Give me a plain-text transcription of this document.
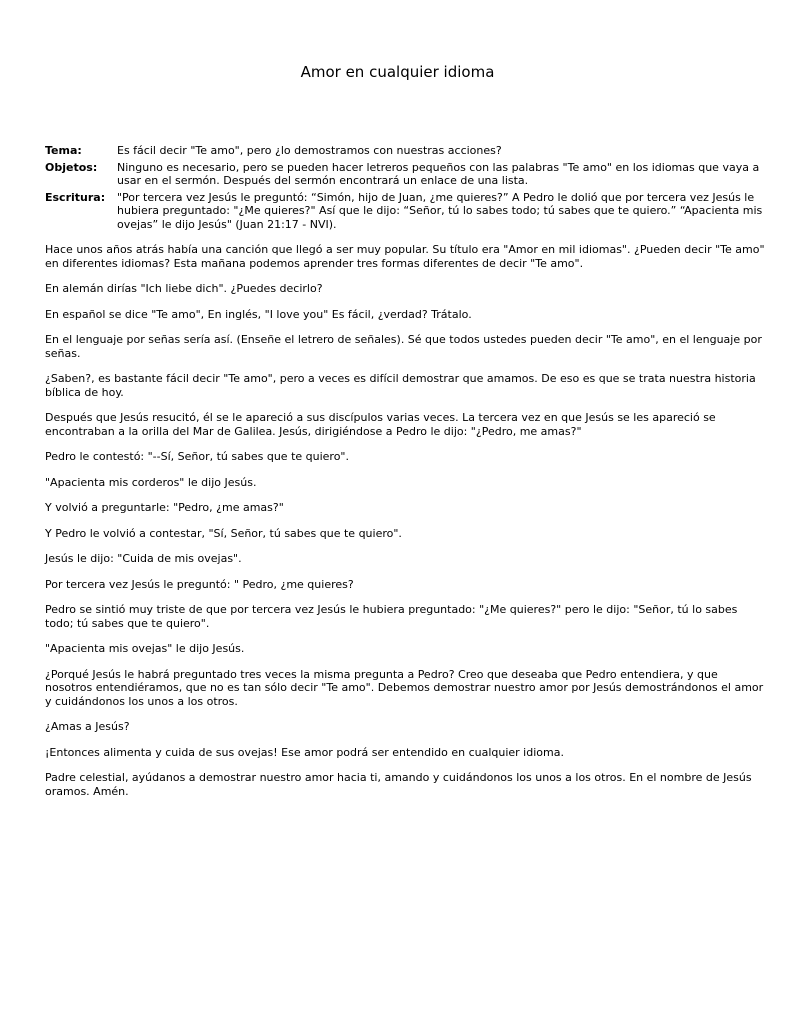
Amor en cualquier idioma
Tema:	Es fácil decir "Te amo", pero ¿lo demostramos con nuestras acciones?
Objetos:	Ninguno es necesario, pero se pueden hacer letreros pequeños con las palabras "Te amo" en los idiomas que vaya a usar en el sermón. Después del sermón encontrará un enlace de una lista.
Escritura:	"Por tercera vez Jesús le preguntó: “Simón, hijo de Juan, ¿me quieres?” A Pedro le dolió que por tercera vez Jesús le hubiera preguntado: "¿Me quieres?" Así que le dijo: “Señor, tú lo sabes todo; tú sabes que te quiero.” “Apacienta mis ovejas” le dijo Jesús" (Juan 21:17 - NVI).

Hace unos años atrás había una canción que llegó a ser muy popular. Su título era "Amor en mil idiomas". ¿Pueden decir "Te amo" en diferentes idiomas? Esta mañana podemos aprender tres formas diferentes de decir "Te amo".

En alemán dirías "Ich liebe dich". ¿Puedes decirlo?

En español se dice "Te amo", En inglés, "I love you" Es fácil, ¿verdad? Trátalo.

En el lenguaje por señas sería así. (Enseñe el letrero de señales). Sé que todos ustedes pueden decir "Te amo", en el lenguaje por señas.

¿Saben?, es bastante fácil decir "Te amo", pero a veces es difícil demostrar que amamos. De eso es que se trata nuestra historia bíblica de hoy.

Después que Jesús resucitó, él se le apareció a sus discípulos varias veces. La tercera vez en que Jesús se les apareció se encontraban a la orilla del Mar de Galilea. Jesús, dirigiéndose a Pedro le dijo: "¿Pedro, me amas?"

Pedro le contestó: "--Sí, Señor, tú sabes que te quiero".

"Apacienta mis corderos" le dijo Jesús.

Y volvió a preguntarle: "Pedro, ¿me amas?"

Y Pedro le volvió a contestar, "Sí, Señor, tú sabes que te quiero".

Jesús le dijo: "Cuida de mis ovejas".

Por tercera vez Jesús le preguntó: " Pedro, ¿me quieres?

Pedro se sintió muy triste de que por tercera vez Jesús le hubiera preguntado: "¿Me quieres?" pero le dijo: "Señor, tú lo sabes todo; tú sabes que te quiero".

"Apacienta mis ovejas" le dijo Jesús.

¿Porqué Jesús le habrá preguntado tres veces la misma pregunta a Pedro? Creo que deseaba que Pedro entendiera, y que nosotros entendiéramos, que no es tan sólo decir "Te amo". Debemos demostrar nuestro amor por Jesús demostrándonos el amor y cuidándonos los unos a los otros.

¿Amas a Jesús?

¡Entonces alimenta y cuida de sus ovejas! Ese amor podrá ser entendido en cualquier idioma.

Padre celestial, ayúdanos a demostrar nuestro amor hacia ti, amando y cuidándonos los unos a los otros. En el nombre de Jesús oramos. Amén.
